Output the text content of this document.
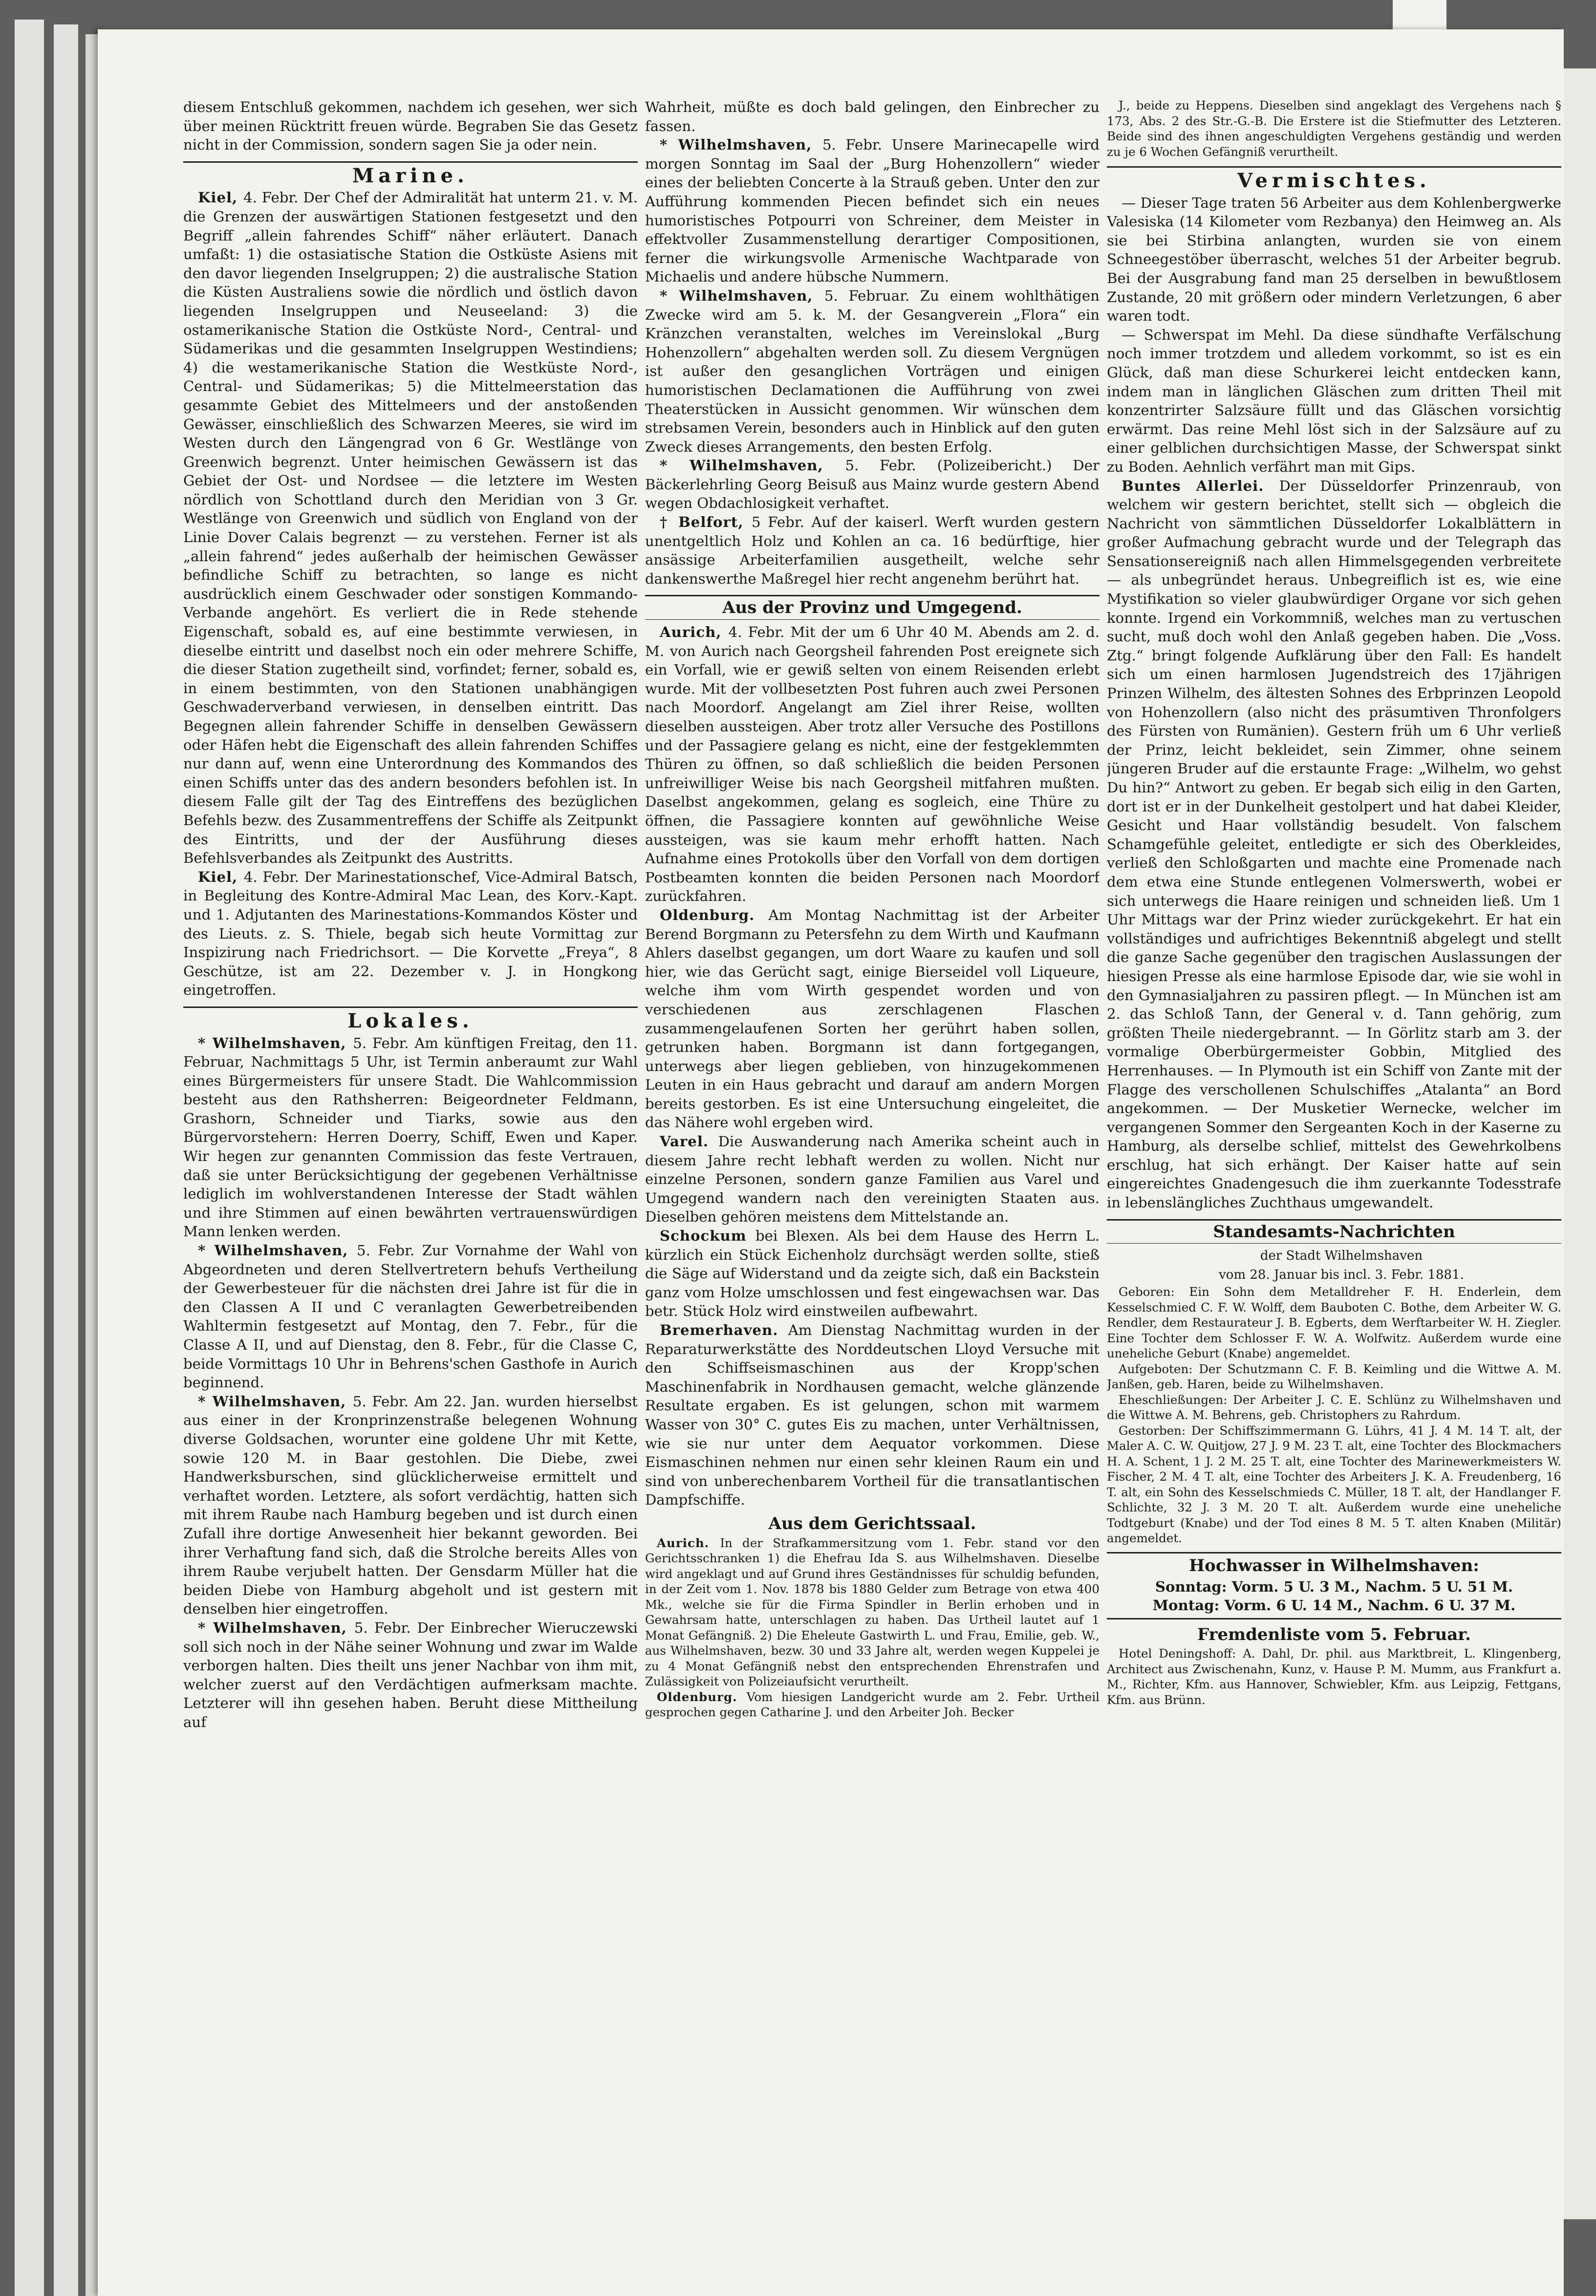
diesem Entschluß gekommen, nachdem ich gesehen, wer sich über meinen Rücktritt freuen würde. Begraben Sie das Gesetz nicht in der Commission, sondern sagen Sie ja oder nein.

Marine.

Kiel, 4. Febr. Der Chef der Admiralität hat unterm 21. v. M. die Grenzen der auswärtigen Stationen festgesetzt und den Begriff „allein fahrendes Schiff“ näher erläutert. Danach umfaßt: 1) die ostasiatische Station die Ostküste Asiens mit den davor liegenden Inselgruppen; 2) die australische Station die Küsten Australiens sowie die nördlich und östlich davon liegenden Inselgruppen und Neuseeland: 3) die ostamerikanische Station die Ostküste Nord-, Central- und Südamerikas und die gesammten Inselgruppen Westindiens; 4) die westamerikanische Station die Westküste Nord-, Central- und Südamerikas; 5) die Mittelmeerstation das gesammte Gebiet des Mittelmeers und der anstoßenden Gewässer, einschließlich des Schwarzen Meeres, sie wird im Westen durch den Längengrad von 6 Gr. Westlänge von Greenwich begrenzt. Unter heimischen Gewässern ist das Gebiet der Ost- und Nordsee — die letztere im Westen nördlich von Schottland durch den Meridian von 3 Gr. Westlänge von Greenwich und südlich von England von der Linie Dover Calais begrenzt — zu verstehen. Ferner ist als „allein fahrend“ jedes außerhalb der heimischen Gewässer befindliche Schiff zu betrachten, so lange es nicht ausdrücklich einem Geschwader oder sonstigen Kommando-Verbande angehört. Es verliert die in Rede stehende Eigenschaft, sobald es, auf eine bestimmte verwiesen, in dieselbe eintritt und daselbst noch ein oder mehrere Schiffe, die dieser Station zugetheilt sind, vorfindet; ferner, sobald es, in einem bestimmten, von den Stationen unabhängigen Geschwaderverband verwiesen, in denselben eintritt. Das Begegnen allein fahrender Schiffe in denselben Gewässern oder Häfen hebt die Eigenschaft des allein fahrenden Schiffes nur dann auf, wenn eine Unterordnung des Kommandos des einen Schiffs unter das des andern besonders befohlen ist. In diesem Falle gilt der Tag des Eintreffens des bezüglichen Befehls bezw. des Zusammentreffens der Schiffe als Zeitpunkt des Eintritts, und der der Ausführung dieses Befehlsverbandes als Zeitpunkt des Austritts.

Kiel, 4. Febr. Der Marinestationschef, Vice-Admiral Batsch, in Begleitung des Kontre-Admiral Mac Lean, des Korv.-Kapt. und 1. Adjutanten des Marinestations-Kommandos Köster und des Lieuts. z. S. Thiele, begab sich heute Vormittag zur Inspizirung nach Friedrichsort. — Die Korvette „Freya“, 8 Geschütze, ist am 22. Dezember v. J. in Hongkong eingetroffen.

Lokales.

* Wilhelmshaven, 5. Febr. Am künftigen Freitag, den 11. Februar, Nachmittags 5 Uhr, ist Termin anberaumt zur Wahl eines Bürgermeisters für unsere Stadt. Die Wahlcommission besteht aus den Rathsherren: Beigeordneter Feldmann, Grashorn, Schneider und Tiarks, sowie aus den Bürgervorstehern: Herren Doerry, Schiff, Ewen und Kaper. Wir hegen zur genannten Commission das feste Vertrauen, daß sie unter Berücksichtigung der gegebenen Verhältnisse lediglich im wohlverstandenen Interesse der Stadt wählen und ihre Stimmen auf einen bewährten vertrauenswürdigen Mann lenken werden.

* Wilhelmshaven, 5. Febr. Zur Vornahme der Wahl von Abgeordneten und deren Stellvertretern behufs Vertheilung der Gewerbesteuer für die nächsten drei Jahre ist für die in den Classen A II und C veranlagten Gewerbetreibenden Wahltermin festgesetzt auf Montag, den 7. Febr., für die Classe A II, und auf Dienstag, den 8. Febr., für die Classe C, beide Vormittags 10 Uhr in Behrens'schen Gasthofe in Aurich beginnend.

* Wilhelmshaven, 5. Febr. Am 22. Jan. wurden hierselbst aus einer in der Kronprinzenstraße belegenen Wohnung diverse Goldsachen, worunter eine goldene Uhr mit Kette, sowie 120 M. in Baar gestohlen. Die Diebe, zwei Handwerksburschen, sind glücklicherweise ermittelt und verhaftet worden. Letztere, als sofort verdächtig, hatten sich mit ihrem Raube nach Hamburg begeben und ist durch einen Zufall ihre dortige Anwesenheit hier bekannt geworden. Bei ihrer Verhaftung fand sich, daß die Strolche bereits Alles von ihrem Raube verjubelt hatten. Der Gensdarm Müller hat die beiden Diebe von Hamburg abgeholt und ist gestern mit denselben hier eingetroffen.

* Wilhelmshaven, 5. Febr. Der Einbrecher Wieruczewski soll sich noch in der Nähe seiner Wohnung und zwar im Walde verborgen halten. Dies theilt uns jener Nachbar von ihm mit, welcher zuerst auf den Verdächtigen aufmerksam machte. Letzterer will ihn gesehen haben. Beruht diese Mittheilung auf

Wahrheit, müßte es doch bald gelingen, den Einbrecher zu fassen.

* Wilhelmshaven, 5. Febr. Unsere Marinecapelle wird morgen Sonntag im Saal der „Burg Hohenzollern“ wieder eines der beliebten Concerte à la Strauß geben. Unter den zur Aufführung kommenden Piecen befindet sich ein neues humoristisches Potpourri von Schreiner, dem Meister in effektvoller Zusammenstellung derartiger Compositionen, ferner die wirkungsvolle Armenische Wachtparade von Michaelis und andere hübsche Nummern.

* Wilhelmshaven, 5. Februar. Zu einem wohlthätigen Zwecke wird am 5. k. M. der Gesangverein „Flora“ ein Kränzchen veranstalten, welches im Vereinslokal „Burg Hohenzollern“ abgehalten werden soll. Zu diesem Vergnügen ist außer den gesanglichen Vorträgen und einigen humoristischen Declamationen die Aufführung von zwei Theaterstücken in Aussicht genommen. Wir wünschen dem strebsamen Verein, besonders auch in Hinblick auf den guten Zweck dieses Arrangements, den besten Erfolg.

* Wilhelmshaven, 5. Febr. (Polizeibericht.) Der Bäckerlehrling Georg Beisuß aus Mainz wurde gestern Abend wegen Obdachlosigkeit verhaftet.

† Belfort, 5 Febr. Auf der kaiserl. Werft wurden gestern unentgeltlich Holz und Kohlen an ca. 16 bedürftige, hier ansässige Arbeiterfamilien ausgetheilt, welche sehr dankenswerthe Maßregel hier recht angenehm berührt hat.

Aus der Provinz und Umgegend.

Aurich, 4. Febr. Mit der um 6 Uhr 40 M. Abends am 2. d. M. von Aurich nach Georgsheil fahrenden Post ereignete sich ein Vorfall, wie er gewiß selten von einem Reisenden erlebt wurde. Mit der vollbesetzten Post fuhren auch zwei Personen nach Moordorf. Angelangt am Ziel ihrer Reise, wollten dieselben aussteigen. Aber trotz aller Versuche des Postillons und der Passagiere gelang es nicht, eine der festgeklemmten Thüren zu öffnen, so daß schließlich die beiden Personen unfreiwilliger Weise bis nach Georgsheil mitfahren mußten. Daselbst angekommen, gelang es sogleich, eine Thüre zu öffnen, die Passagiere konnten auf gewöhnliche Weise aussteigen, was sie kaum mehr erhofft hatten. Nach Aufnahme eines Protokolls über den Vorfall von dem dortigen Postbeamten konnten die beiden Personen nach Moordorf zurückfahren.

Oldenburg. Am Montag Nachmittag ist der Arbeiter Berend Borgmann zu Petersfehn zu dem Wirth und Kaufmann Ahlers daselbst gegangen, um dort Waare zu kaufen und soll hier, wie das Gerücht sagt, einige Bierseidel voll Liqueure, welche ihm vom Wirth gespendet worden und von verschiedenen aus zerschlagenen Flaschen zusammengelaufenen Sorten her gerührt haben sollen, getrunken haben. Borgmann ist dann fortgegangen, unterwegs aber liegen geblieben, von hinzugekommenen Leuten in ein Haus gebracht und darauf am andern Morgen bereits gestorben. Es ist eine Untersuchung eingeleitet, die das Nähere wohl ergeben wird.

Varel. Die Auswanderung nach Amerika scheint auch in diesem Jahre recht lebhaft werden zu wollen. Nicht nur einzelne Personen, sondern ganze Familien aus Varel und Umgegend wandern nach den vereinigten Staaten aus. Dieselben gehören meistens dem Mittelstande an.

Schockum bei Blexen. Als bei dem Hause des Herrn L. kürzlich ein Stück Eichenholz durchsägt werden sollte, stieß die Säge auf Widerstand und da zeigte sich, daß ein Backstein ganz vom Holze umschlossen und fest eingewachsen war. Das betr. Stück Holz wird einstweilen aufbewahrt.

Bremerhaven. Am Dienstag Nachmittag wurden in der Reparaturwerkstätte des Norddeutschen Lloyd Versuche mit den Schiffseismaschinen aus der Kropp'schen Maschinenfabrik in Nordhausen gemacht, welche glänzende Resultate ergaben. Es ist gelungen, schon mit warmem Wasser von 30° C. gutes Eis zu machen, unter Verhältnissen, wie sie nur unter dem Aequator vorkommen. Diese Eismaschinen nehmen nur einen sehr kleinen Raum ein und sind von unberechenbarem Vortheil für die transatlantischen Dampfschiffe.

Aus dem Gerichtssaal.

Aurich. In der Strafkammersitzung vom 1. Febr. stand vor den Gerichtsschranken 1) die Ehefrau Ida S. aus Wilhelmshaven. Dieselbe wird angeklagt und auf Grund ihres Geständnisses für schuldig befunden, in der Zeit vom 1. Nov. 1878 bis 1880 Gelder zum Betrage von etwa 400 Mk., welche sie für die Firma Spindler in Berlin erhoben und in Gewahrsam hatte, unterschlagen zu haben. Das Urtheil lautet auf 1 Monat Gefängniß. 2) Die Eheleute Gastwirth L. und Frau, Emilie, geb. W., aus Wilhelmshaven, bezw. 30 und 33 Jahre alt, werden wegen Kuppelei je zu 4 Monat Gefängniß nebst den entsprechenden Ehrenstrafen und Zulässigkeit von Polizeiaufsicht verurtheilt.

Oldenburg. Vom hiesigen Landgericht wurde am 2. Febr. Urtheil gesprochen gegen Catharine J. und den Arbeiter Joh. Becker

J., beide zu Heppens. Dieselben sind angeklagt des Vergehens nach § 173, Abs. 2 des Str.-G.-B. Die Erstere ist die Stiefmutter des Letzteren. Beide sind des ihnen angeschuldigten Vergehens geständig und werden zu je 6 Wochen Gefängniß verurtheilt.

Vermischtes.

— Dieser Tage traten 56 Arbeiter aus dem Kohlenbergwerke Valesiska (14 Kilometer vom Rezbanya) den Heimweg an. Als sie bei Stirbina anlangten, wurden sie von einem Schneegestöber überrascht, welches 51 der Arbeiter begrub. Bei der Ausgrabung fand man 25 derselben in bewußtlosem Zustande, 20 mit größern oder mindern Verletzungen, 6 aber waren todt.

— Schwerspat im Mehl. Da diese sündhafte Verfälschung noch immer trotzdem und alledem vorkommt, so ist es ein Glück, daß man diese Schurkerei leicht entdecken kann, indem man in länglichen Gläschen zum dritten Theil mit konzentrirter Salzsäure füllt und das Gläschen vorsichtig erwärmt. Das reine Mehl löst sich in der Salzsäure auf zu einer gelblichen durchsichtigen Masse, der Schwerspat sinkt zu Boden. Aehnlich verfährt man mit Gips.

Buntes Allerlei. Der Düsseldorfer Prinzenraub, von welchem wir gestern berichtet, stellt sich — obgleich die Nachricht von sämmtlichen Düsseldorfer Lokalblättern in großer Aufmachung gebracht wurde und der Telegraph das Sensationsereigniß nach allen Himmelsgegenden verbreitete — als unbegründet heraus. Unbegreiflich ist es, wie eine Mystifikation so vieler glaubwürdiger Organe vor sich gehen konnte. Irgend ein Vorkommniß, welches man zu vertuschen sucht, muß doch wohl den Anlaß gegeben haben. Die „Voss. Ztg.“ bringt folgende Aufklärung über den Fall: Es handelt sich um einen harmlosen Jugendstreich des 17jährigen Prinzen Wilhelm, des ältesten Sohnes des Erbprinzen Leopold von Hohenzollern (also nicht des präsumtiven Thronfolgers des Fürsten von Rumänien). Gestern früh um 6 Uhr verließ der Prinz, leicht bekleidet, sein Zimmer, ohne seinem jüngeren Bruder auf die erstaunte Frage: „Wilhelm, wo gehst Du hin?“ Antwort zu geben. Er begab sich eilig in den Garten, dort ist er in der Dunkelheit gestolpert und hat dabei Kleider, Gesicht und Haar vollständig besudelt. Von falschem Schamgefühle geleitet, entledigte er sich des Oberkleides, verließ den Schloßgarten und machte eine Promenade nach dem etwa eine Stunde entlegenen Volmerswerth, wobei er sich unterwegs die Haare reinigen und schneiden ließ. Um 1 Uhr Mittags war der Prinz wieder zurückgekehrt. Er hat ein vollständiges und aufrichtiges Bekenntniß abgelegt und stellt die ganze Sache gegenüber den tragischen Auslassungen der hiesigen Presse als eine harmlose Episode dar, wie sie wohl in den Gymnasialjahren zu passiren pflegt. — In München ist am 2. das Schloß Tann, der General v. d. Tann gehörig, zum größten Theile niedergebrannt. — In Görlitz starb am 3. der vormalige Oberbürgermeister Gobbin, Mitglied des Herrenhauses. — In Plymouth ist ein Schiff von Zante mit der Flagge des verschollenen Schulschiffes „Atalanta“ an Bord angekommen. — Der Musketier Wernecke, welcher im vergangenen Sommer den Sergeanten Koch in der Kaserne zu Hamburg, als derselbe schlief, mittelst des Gewehrkolbens erschlug, hat sich erhängt. Der Kaiser hatte auf sein eingereichtes Gnadengesuch die ihm zuerkannte Todesstrafe in lebenslängliches Zuchthaus umgewandelt.

Standesamts-Nachrichten

der Stadt Wilhelmshaven

vom 28. Januar bis incl. 3. Febr. 1881.

Geboren: Ein Sohn dem Metalldreher F. H. Enderlein, dem Kesselschmied C. F. W. Wolff, dem Bauboten C. Bothe, dem Arbeiter W. G. Rendler, dem Restaurateur J. B. Egberts, dem Werftarbeiter W. H. Ziegler. Eine Tochter dem Schlosser F. W. A. Wolfwitz. Außerdem wurde eine uneheliche Geburt (Knabe) angemeldet.

Aufgeboten: Der Schutzmann C. F. B. Keimling und die Wittwe A. M. Janßen, geb. Haren, beide zu Wilhelmshaven.

Eheschließungen: Der Arbeiter J. C. E. Schlünz zu Wilhelmshaven und die Wittwe A. M. Behrens, geb. Christophers zu Rahrdum.

Gestorben: Der Schiffszimmermann G. Lührs, 41 J. 4 M. 14 T. alt, der Maler A. C. W. Quitjow, 27 J. 9 M. 23 T. alt, eine Tochter des Blockmachers H. A. Schent, 1 J. 2 M. 25 T. alt, eine Tochter des Marinewerkmeisters W. Fischer, 2 M. 4 T. alt, eine Tochter des Arbeiters J. K. A. Freudenberg, 16 T. alt, ein Sohn des Kesselschmieds C. Müller, 18 T. alt, der Handlanger F. Schlichte, 32 J. 3 M. 20 T. alt. Außerdem wurde eine uneheliche Todtgeburt (Knabe) und der Tod eines 8 M. 5 T. alten Knaben (Militär) angemeldet.

Hochwasser in Wilhelmshaven:

Sonntag: Vorm. 5 U. 3 M., Nachm. 5 U. 51 M.

Montag: Vorm. 6 U. 14 M., Nachm. 6 U. 37 M.

Fremdenliste vom 5. Februar.

Hotel Deningshoff: A. Dahl, Dr. phil. aus Marktbreit, L. Klingenberg, Architect aus Zwischenahn, Kunz, v. Hause P. M. Mumm, aus Frankfurt a. M., Richter, Kfm. aus Hannover, Schwiebler, Kfm. aus Leipzig, Fettgans, Kfm. aus Brünn.
